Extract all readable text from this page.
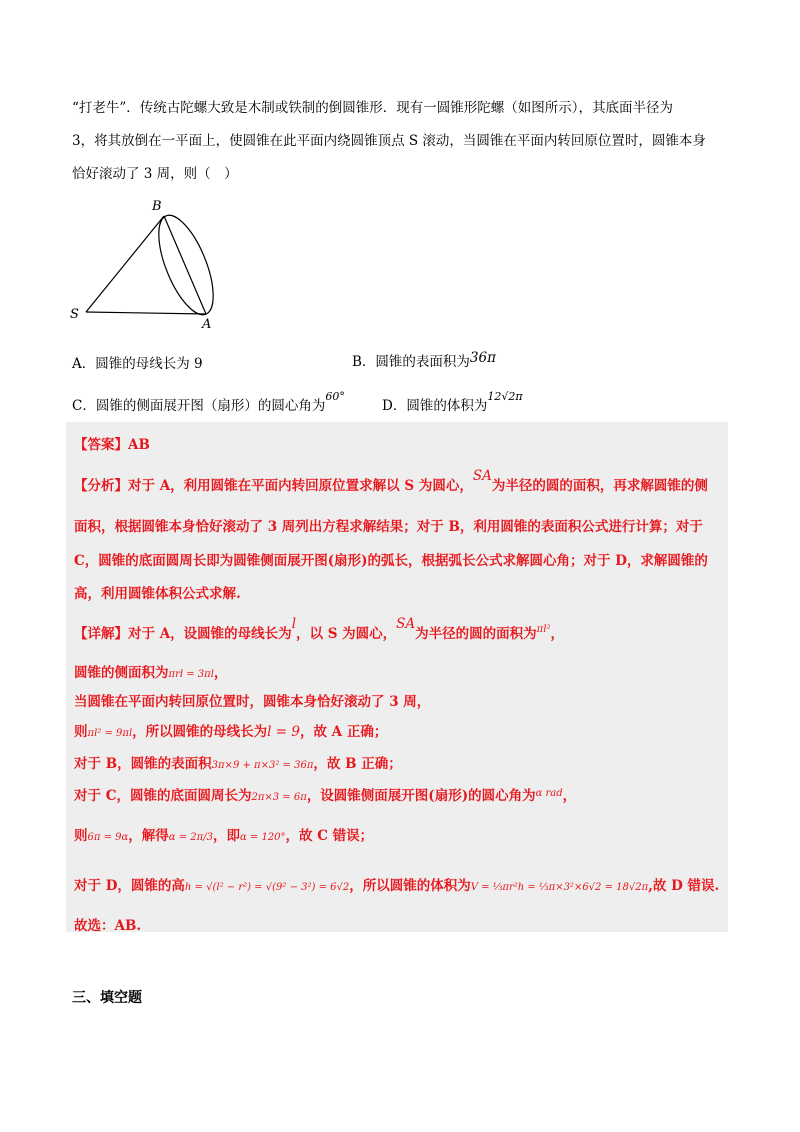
“打老牛”．传统古陀螺大致是木制或铁制的倒圆锥形．现有一圆锥形陀螺（如图所示），其底面半径为
3，将其放倒在一平面上，使圆锥在此平面内绕圆锥顶点 S 滚动，当圆锥在平面内转回原位置时，圆锥本身
恰好滚动了 3 周，则（　）

B
S
A
A．圆锥的母线长为 9	B．圆锥的表面积为36π
C．圆锥的侧面展开图（扇形）的圆心角为$^{60^\circ}$
D．圆锥的体积为$^{12√2\pi}$
【答案】AB
【分析】对于 A，利用圆锥在平面内转回原位置求解以 S 为圆心，SA为半径的圆的面积，再求解圆锥的侧
面积，根据圆锥本身恰好滚动了 3 周列出方程求解结果；对于 B，利用圆锥的表面积公式进行计算；对于
C，圆锥的底面圆周长即为圆锥侧面展开图(扇形)的弧长，根据弧长公式求解圆心角；对于 D，求解圆锥的
高，利用圆锥体积公式求解.
【详解】对于 A，设圆锥的母线长为l，以 S 为圆心，SA为半径的圆的面积为$^{\pi l^2}$，
圆锥的侧面积为πrl = 3πl，
当圆锥在平面内转回原位置时，圆锥本身恰好滚动了 3 周，
则πl² = 9πl，所以圆锥的母线长为l = 9，故 A 正确；
对于 B，圆锥的表面积3π×9 + π×3² = 36π，故 B 正确；
对于 C，圆锥的底面圆周长为2π×3 = 6π，设圆锥侧面展开图(扇形)的圆心角为$^{\alpha rad}$，
则6π = 9α，解得α = 2π/3，即α = 120°，故 C 错误；
对于 D，圆锥的高h = √(l² − r²) = √(9² − 3²) = 6√2，所以圆锥的体积为V = ⅓πr²h = ⅓π×3²×6√2 = 18√2π,故 D 错误.
故选：AB.
三、填空题
